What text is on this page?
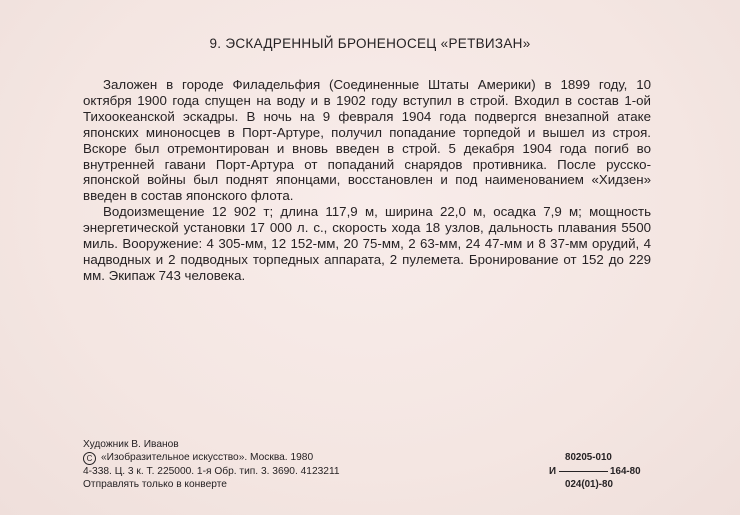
9. ЭСКАДРЕННЫЙ БРОНЕНОСЕЦ «РЕТВИЗАН»

Заложен в городе Филадельфия (Соединенные Штаты Америки) в 1899 году, 10 октября 1900 года спущен на воду и в 1902 году вступил в строй. Входил в состав 1-ой Тихоокеанской эскадры. В ночь на 9 февраля 1904 года подвергся внезапной атаке японских миноносцев в Порт-Артуре, получил попадание торпедой и вышел из строя. Вскоре был отремонтирован и вновь введен в строй. 5 декабря 1904 года погиб во внутренней гавани Порт-Артура от попаданий снарядов противника. После русско-японской войны был поднят японцами, восстановлен и под наименованием «Хидзен» введен в состав японского флота.

Водоизмещение 12 902 т; длина 117,9 м, ширина 22,0 м, осадка 7,9 м; мощность энергетической установки 17 000 л. с., скорость хода 18 узлов, дальность плавания 5500 миль. Вооружение: 4 305-мм, 12 152-мм, 20 75-мм, 2 63-мм, 24 47-мм и 8 37-мм орудий, 4 надводных и 2 подводных торпедных аппарата, 2 пулемета. Бронирование от 152 до 229 мм. Экипаж 743 человека.

Художник В. Иванов
C «Изобразительное искусство». Москва. 1980
4-338. Ц. 3 к. Т. 225000. 1-я Обр. тип. 3. 3690. 4123211
Отправлять только в конверте
80205-010
И	164-80
024(01)-80
